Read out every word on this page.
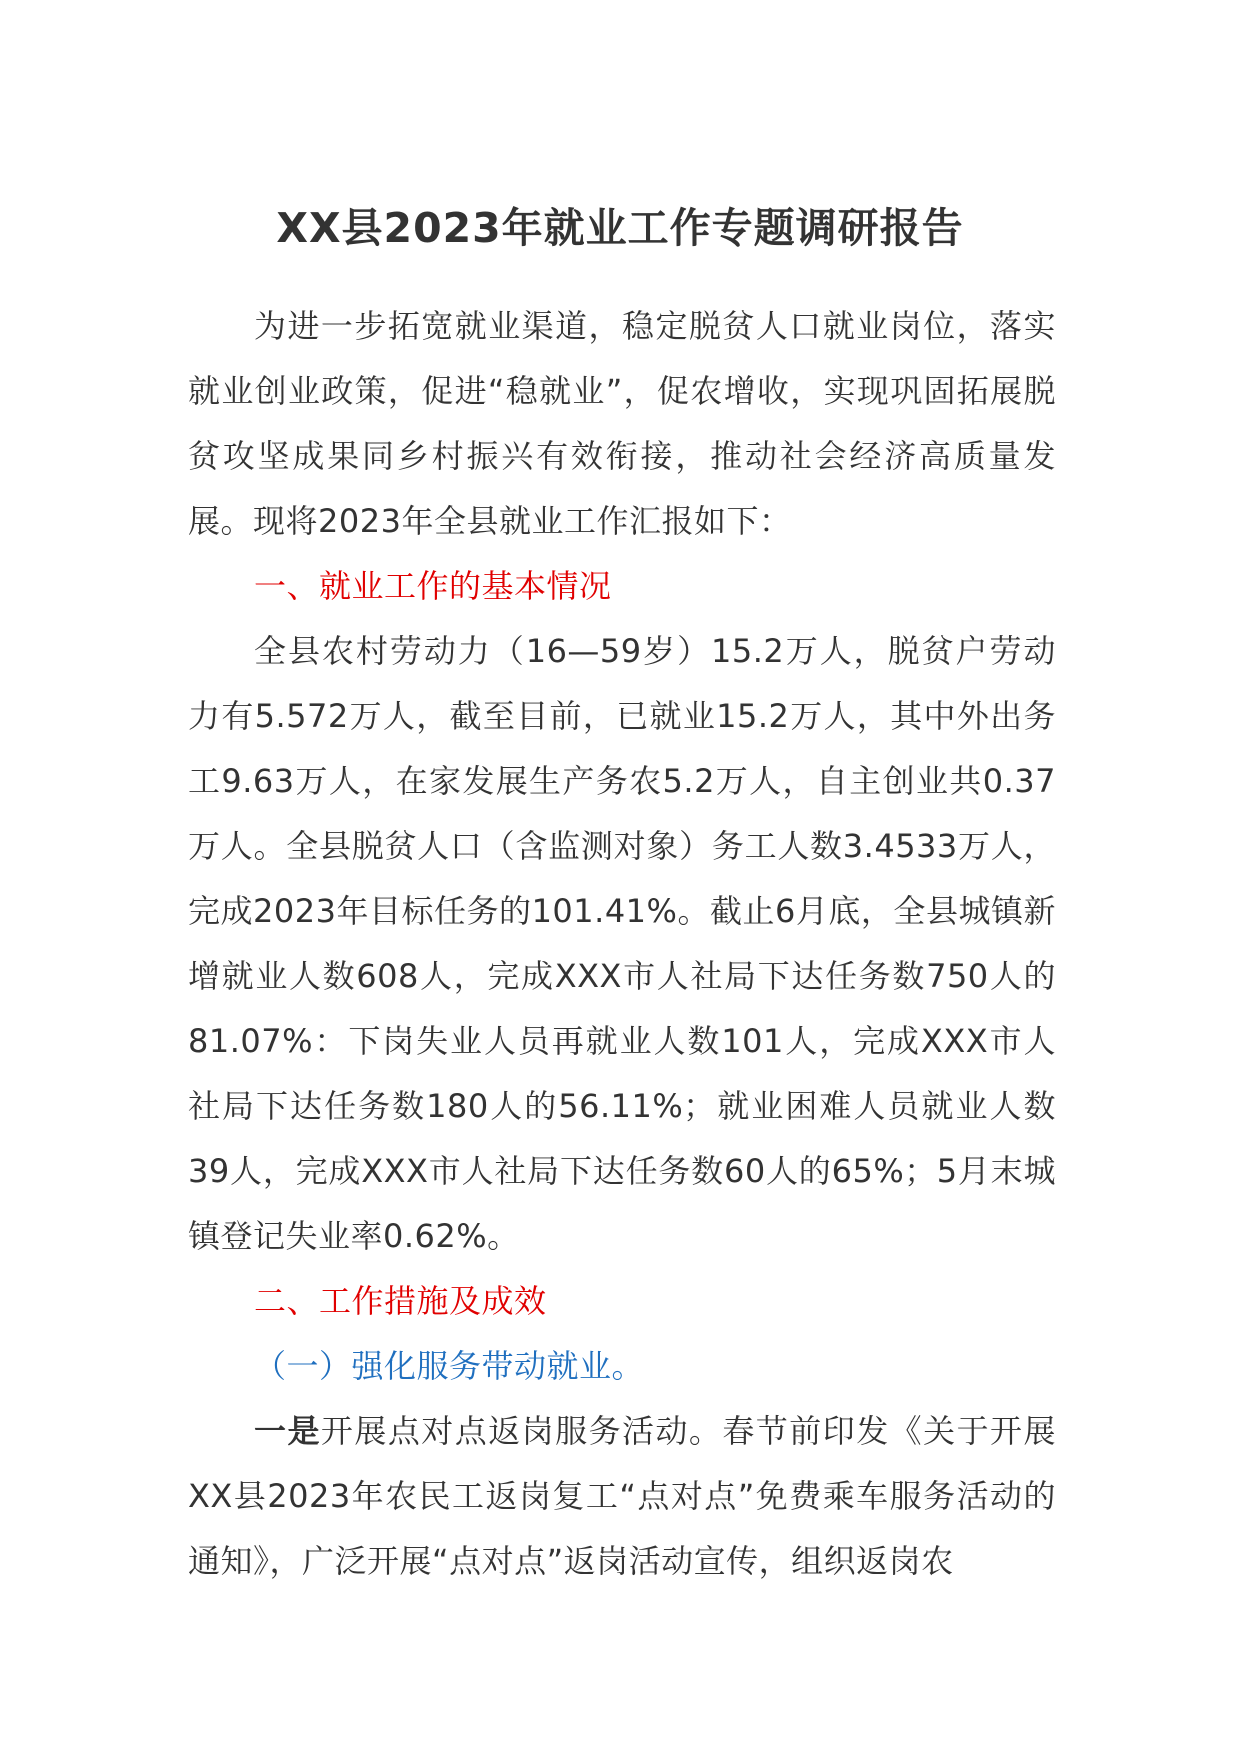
XX县2023年就业工作专题调研报告

为进一步拓宽就业渠道，稳定脱贫人口就业岗位，落实就业创业政策，促进“稳就业”，促农增收，实现巩固拓展脱贫攻坚成果同乡村振兴有效衔接，推动社会经济高质量发展。现将2023年全县就业工作汇报如下：

一、就业工作的基本情况

全县农村劳动力（16—59岁）15.2万人，脱贫户劳动力有5.572万人，截至目前，已就业15.2万人，其中外出务工9.63万人，在家发展生产务农5.2万人，自主创业共0.37万人。全县脱贫人口（含监测对象）务工人数3.4533万人，完成2023年目标任务的101.41%。截止6月底，全县城镇新增就业人数608人，完成XXX市人社局下达任务数750人的81.07%：下岗失业人员再就业人数101人，完成XXX市人社局下达任务数180人的56.11%；就业困难人员就业人数39人，完成XXX市人社局下达任务数60人的65%；5月末城镇登记失业率0.62%。

二、工作措施及成效

（一）强化服务带动就业。

一是开展点对点返岗服务活动。春节前印发《关于开展XX县2023年农民工返岗复工“点对点”免费乘车服务活动的通知》，广泛开展“点对点”返岗活动宣传，组织返岗农
